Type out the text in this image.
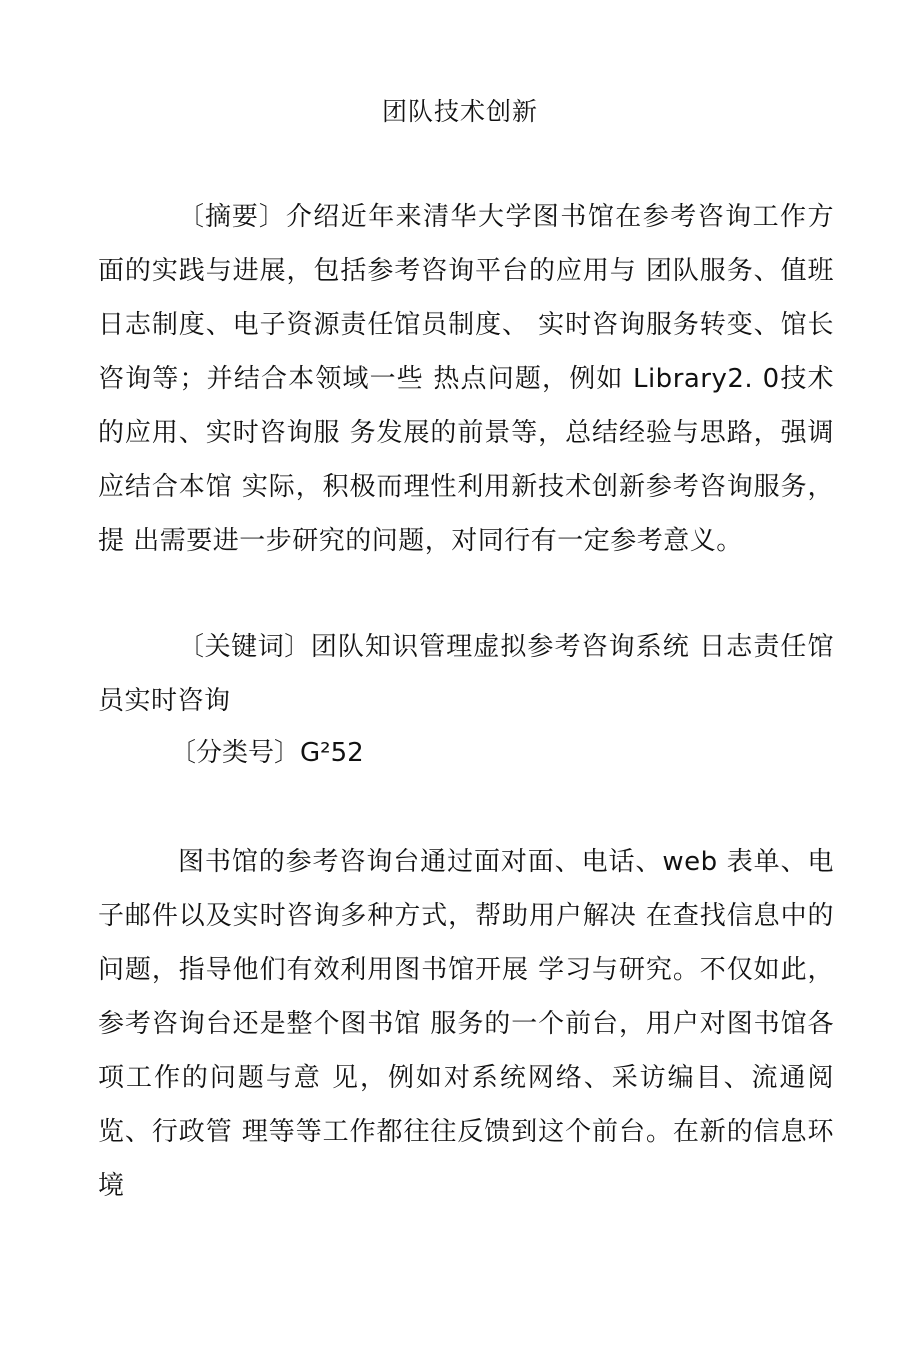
团队技术创新
〔摘要〕介绍近年来清华大学图书馆在参考咨询工作方面的实践与进展，包括参考咨询平台的应用与 团队服务、值班日志制度、电子资源责任馆员制度、 实时咨询服务转变、馆长咨询等；并结合本领域一些 热点问题，例如 Library2. 0技术的应用、实时咨询服 务发展的前景等，总结经验与思路，强调应结合本馆 实际，积极而理性利用新技术创新参考咨询服务，提 出需要进一步研究的问题，对同行有一定参考意义。
〔关键词〕团队知识管理虚拟参考咨询系统 日志责任馆员实时咨询
〔分类号〕G²52
图书馆的参考咨询台通过面对面、电话、web 表单、电子邮件以及实时咨询多种方式，帮助用户解决 在查找信息中的问题，指导他们有效利用图书馆开展 学习与研究。不仅如此，参考咨询台还是整个图书馆 服务的一个前台，用户对图书馆各项工作的问题与意 见，例如对系统网络、采访编目、流通阅览、行政管 理等等工作都往往反馈到这个前台。在新的信息环境
